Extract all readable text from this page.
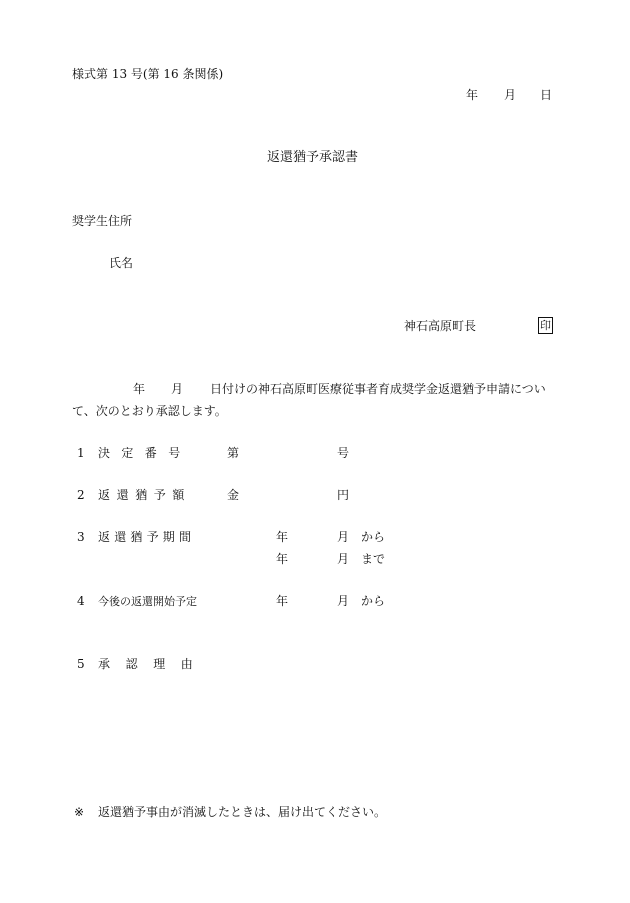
様式第 13 号(第 16 条関係)
年 月 日
返還猶予承認書
奨学生住所
氏名
神石高原町長	印
年 月 日付けの神石高原町医療従事者育成奨学金返還猶予申請につい
て、次のとおり承認します。
1 決定番号	第	号
2 返還猶予額	金	円
3 返還猶予期間	年	月 から
年	月 まで
4 今後の返還開始予定	年	月 から
5 承認理由
※ 返還猶予事由が消滅したときは、届け出てください。
